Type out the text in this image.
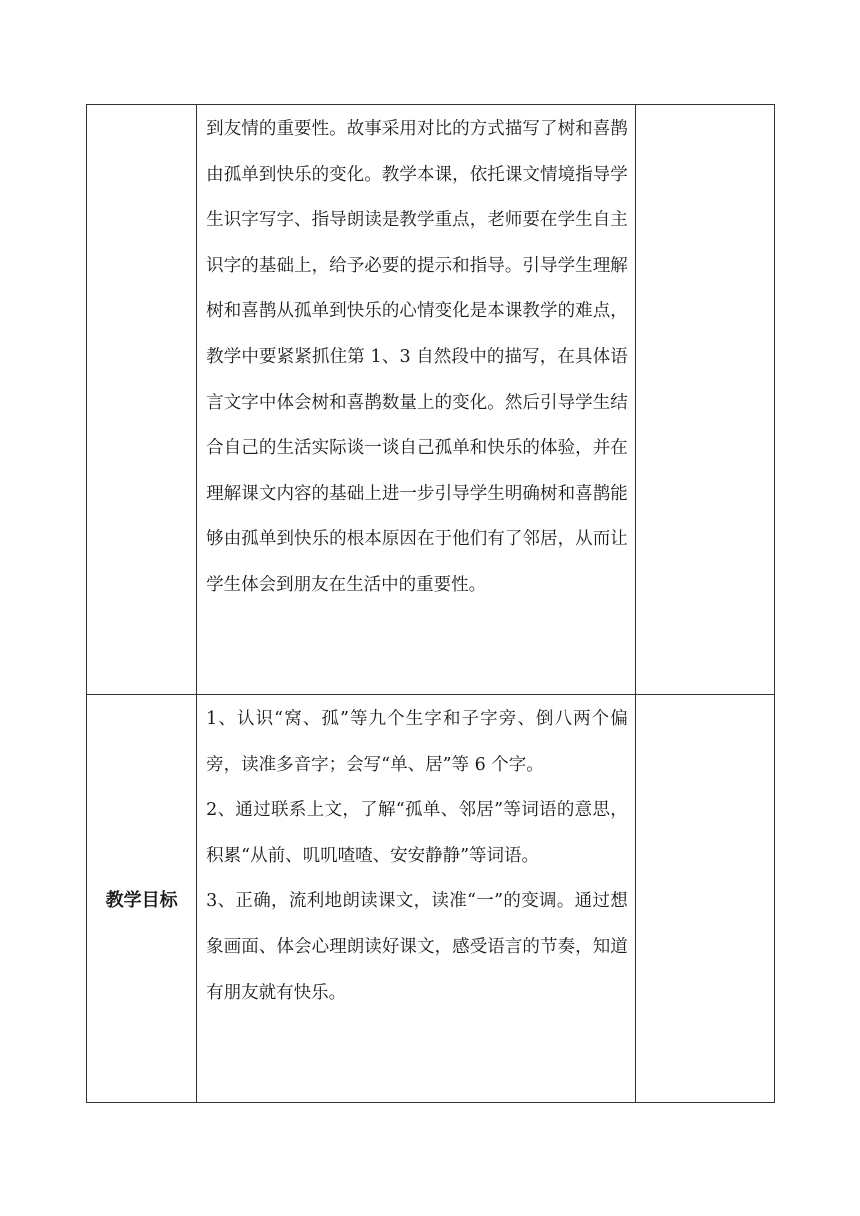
	到友情的重要性。故事采用对比的方式描写了树和喜鹊由孤单到快乐的变化。教学本课，依托课文情境指导学生识字写字、指导朗读是教学重点，老师要在学生自主识字的基础上，给予必要的提示和指导。引导学生理解树和喜鹊从孤单到快乐的心情变化是本课教学的难点，教学中要紧紧抓住第 1、3 自然段中的描写，在具体语言文字中体会树和喜鹊数量上的变化。然后引导学生结合自己的生活实际谈一谈自己孤单和快乐的体验，并在理解课文内容的基础上进一步引导学生明确树和喜鹊能够由孤单到快乐的根本原因在于他们有了邻居，从而让学生体会到朋友在生活中的重要性。	

教学目标	1、认识“窝、孤”等九个生字和子字旁、倒八两个偏旁，读准多音字；会写“单、居”等 6 个字。

2、通过联系上文，了解“孤单、邻居”等词语的意思，积累“从前、叽叽喳喳、安安静静”等词语。

3、正确，流利地朗读课文，读准“一”的变调。通过想象画面、体会心理朗读好课文，感受语言的节奏，知道有朋友就有快乐。	
